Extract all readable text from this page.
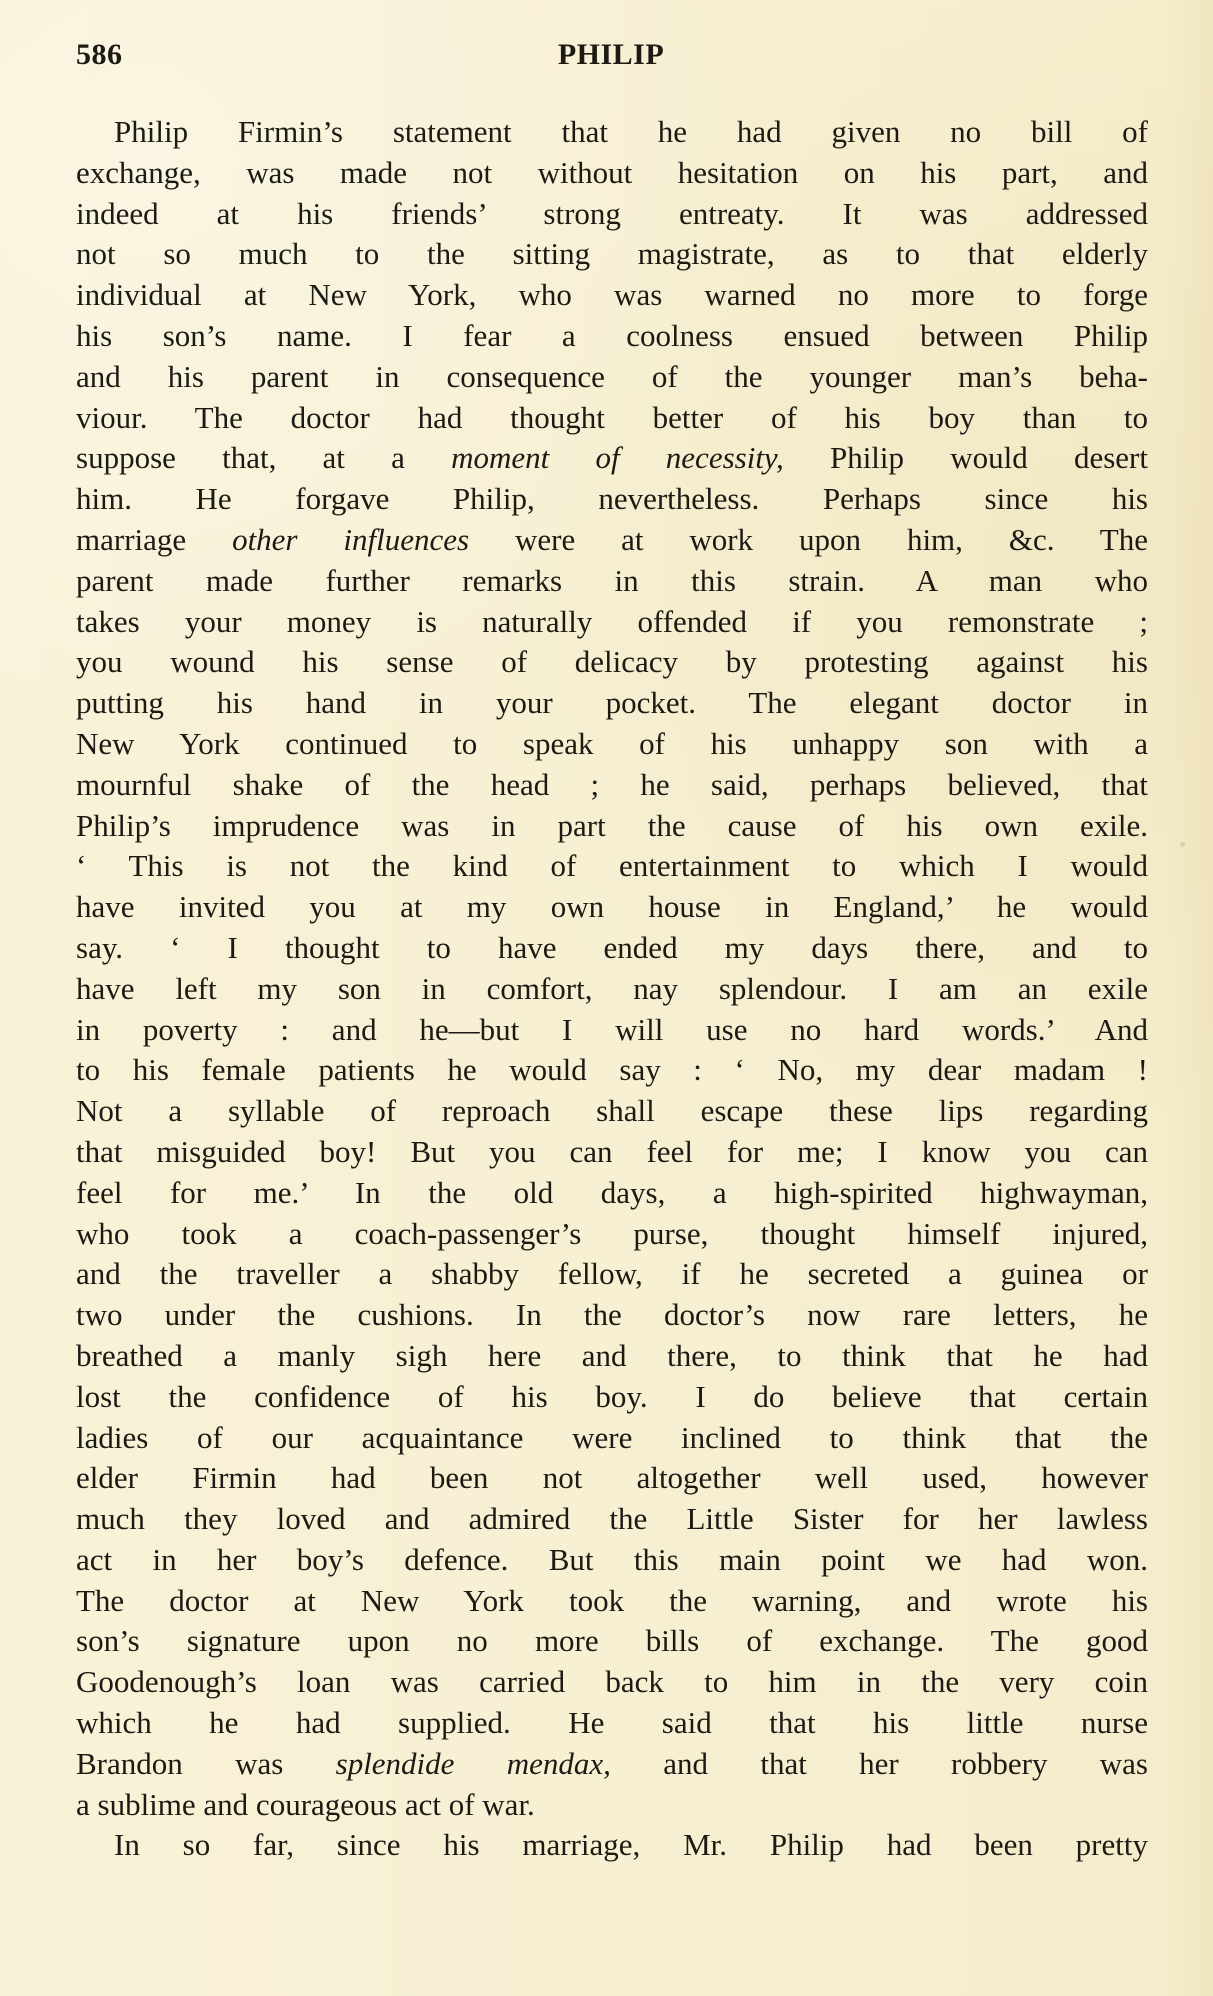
586	PHILIP
Philip Firmin’s statement that he had given no bill of
exchange, was made not without hesitation on his part, and
indeed at his friends’ strong entreaty. It was addressed
not so much to the sitting magistrate, as to that elderly
individual at New York, who was warned no more to forge
his son’s name. I fear a coolness ensued between Philip
and his parent in consequence of the younger man’s beha-
viour. The doctor had thought better of his boy than to
suppose that, at a moment of necessity, Philip would desert
him. He forgave Philip, nevertheless. Perhaps since his
marriage other influences were at work upon him, &c. The
parent made further remarks in this strain. A man who
takes your money is naturally offended if you remonstrate ;
you wound his sense of delicacy by protesting against his
putting his hand in your pocket. The elegant doctor in
New York continued to speak of his unhappy son with a
mournful shake of the head ; he said, perhaps believed, that
Philip’s imprudence was in part the cause of his own exile.
‘ This is not the kind of entertainment to which I would
have invited you at my own house in England,’ he would
say. ‘ I thought to have ended my days there, and to
have left my son in comfort, nay splendour. I am an exile
in poverty : and he—but I will use no hard words.’ And
to his female patients he would say : ‘ No, my dear madam !
Not a syllable of reproach shall escape these lips regarding
that misguided boy! But you can feel for me; I know you can
feel for me.’ In the old days, a high-spirited highwayman,
who took a coach-passenger’s purse, thought himself injured,
and the traveller a shabby fellow, if he secreted a guinea or
two under the cushions. In the doctor’s now rare letters, he
breathed a manly sigh here and there, to think that he had
lost the confidence of his boy. I do believe that certain
ladies of our acquaintance were inclined to think that the
elder Firmin had been not altogether well used, however
much they loved and admired the Little Sister for her lawless
act in her boy’s defence. But this main point we had won.
The doctor at New York took the warning, and wrote his
son’s signature upon no more bills of exchange. The good
Goodenough’s loan was carried back to him in the very coin
which he had supplied. He said that his little nurse
Brandon was splendide mendax, and that her robbery was
a sublime and courageous act of war.
In so far, since his marriage, Mr. Philip had been pretty
